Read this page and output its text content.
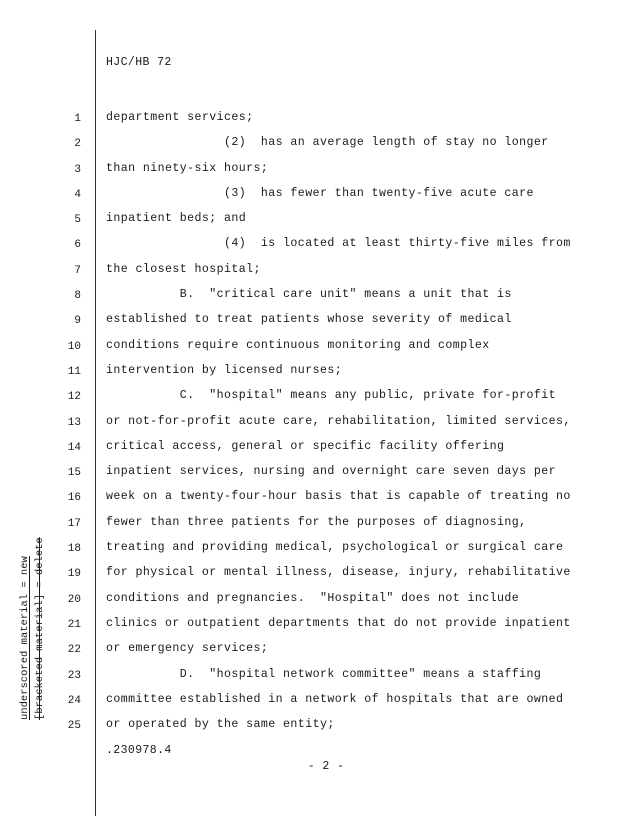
underscored material = new [bracketed material] = delete
HJC/HB 72
1 department services;
2 (2)  has an average length of stay no longer
3 than ninety-six hours;
4 (3)  has fewer than twenty-five acute care
5 inpatient beds; and
6 (4)  is located at least thirty-five miles from
7 the closest hospital;
8 B.  "critical care unit" means a unit that is
9 established to treat patients whose severity of medical
10 conditions require continuous monitoring and complex
11 intervention by licensed nurses;
12 C.  "hospital" means any public, private for-profit
13 or not-for-profit acute care, rehabilitation, limited services,
14 critical access, general or specific facility offering
15 inpatient services, nursing and overnight care seven days per
16 week on a twenty-four-hour basis that is capable of treating no
17 fewer than three patients for the purposes of diagnosing,
18 treating and providing medical, psychological or surgical care
19 for physical or mental illness, disease, injury, rehabilitative
20 conditions and pregnancies.  "Hospital" does not include
21 clinics or outpatient departments that do not provide inpatient
22 or emergency services;
23 D.  "hospital network committee" means a staffing
24 committee established in a network of hospitals that are owned
25 or operated by the same entity;
.230978.4
- 2 -
